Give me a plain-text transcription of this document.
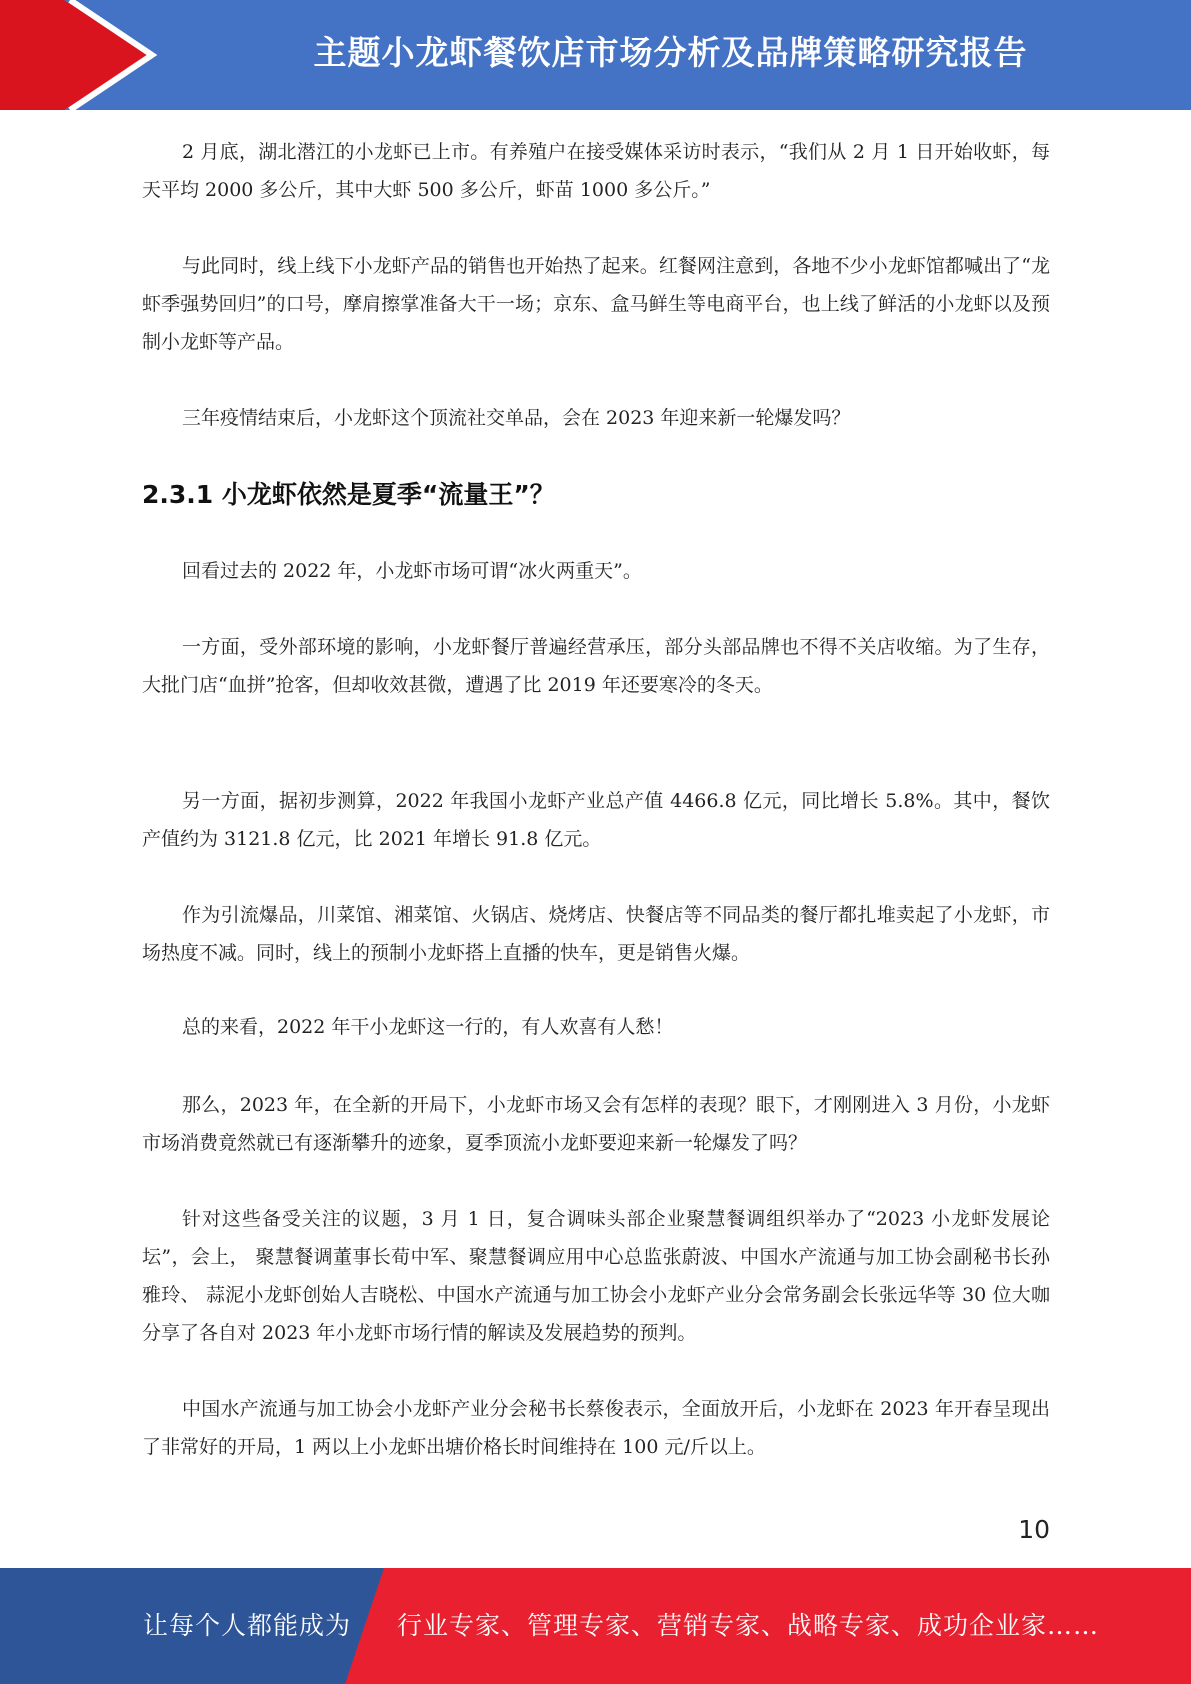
主题小龙虾餐饮店市场分析及品牌策略研究报告

2 月底，湖北潜江的小龙虾已上市。有养殖户在接受媒体采访时表示，“我们从 2 月 1 日开始收虾，每天平均 2000 多公斤，其中大虾 500 多公斤，虾苗 1000 多公斤。”

与此同时，线上线下小龙虾产品的销售也开始热了起来。红餐网注意到，各地不少小龙虾馆都喊出了“龙虾季强势回归”的口号，摩肩擦掌准备大干一场；京东、盒马鲜生等电商平台，也上线了鲜活的小龙虾以及预制小龙虾等产品。

三年疫情结束后，小龙虾这个顶流社交单品，会在 2023 年迎来新一轮爆发吗？

2.3.1 小龙虾依然是夏季“流量王”？

回看过去的 2022 年，小龙虾市场可谓“冰火两重天”。

一方面，受外部环境的影响，小龙虾餐厅普遍经营承压，部分头部品牌也不得不关店收缩。为了生存，大批门店“血拼”抢客，但却收效甚微，遭遇了比 2019 年还要寒冷的冬天。

另一方面，据初步测算，2022 年我国小龙虾产业总产值 4466.8 亿元，同比增长 5.8%。其中，餐饮产值约为 3121.8 亿元，比 2021 年增长 91.8 亿元。

作为引流爆品，川菜馆、湘菜馆、火锅店、烧烤店、快餐店等不同品类的餐厅都扎堆卖起了小龙虾，市场热度不减。同时，线上的预制小龙虾搭上直播的快车，更是销售火爆。

总的来看，2022 年干小龙虾这一行的，有人欢喜有人愁！

那么，2023 年，在全新的开局下，小龙虾市场又会有怎样的表现？眼下，才刚刚进入 3 月份，小龙虾市场消费竟然就已有逐渐攀升的迹象，夏季顶流小龙虾要迎来新一轮爆发了吗？

针对这些备受关注的议题，3 月 1 日，复合调味头部企业聚慧餐调组织举办了“2023 小龙虾发展论坛”，会上， 聚慧餐调董事长荀中军、聚慧餐调应用中心总监张蔚波、中国水产流通与加工协会副秘书长孙雅玲、 蒜泥小龙虾创始人吉晓松、中国水产流通与加工协会小龙虾产业分会常务副会长张远华等 30 位大咖分享了各自对 2023 年小龙虾市场行情的解读及发展趋势的预判。

中国水产流通与加工协会小龙虾产业分会秘书长蔡俊表示，全面放开后，小龙虾在 2023 年开春呈现出了非常好的开局，1 两以上小龙虾出塘价格长时间维持在 100 元/斤以上。

10
让每个人都能成为 行业专家、管理专家、营销专家、战略专家、成功企业家……
